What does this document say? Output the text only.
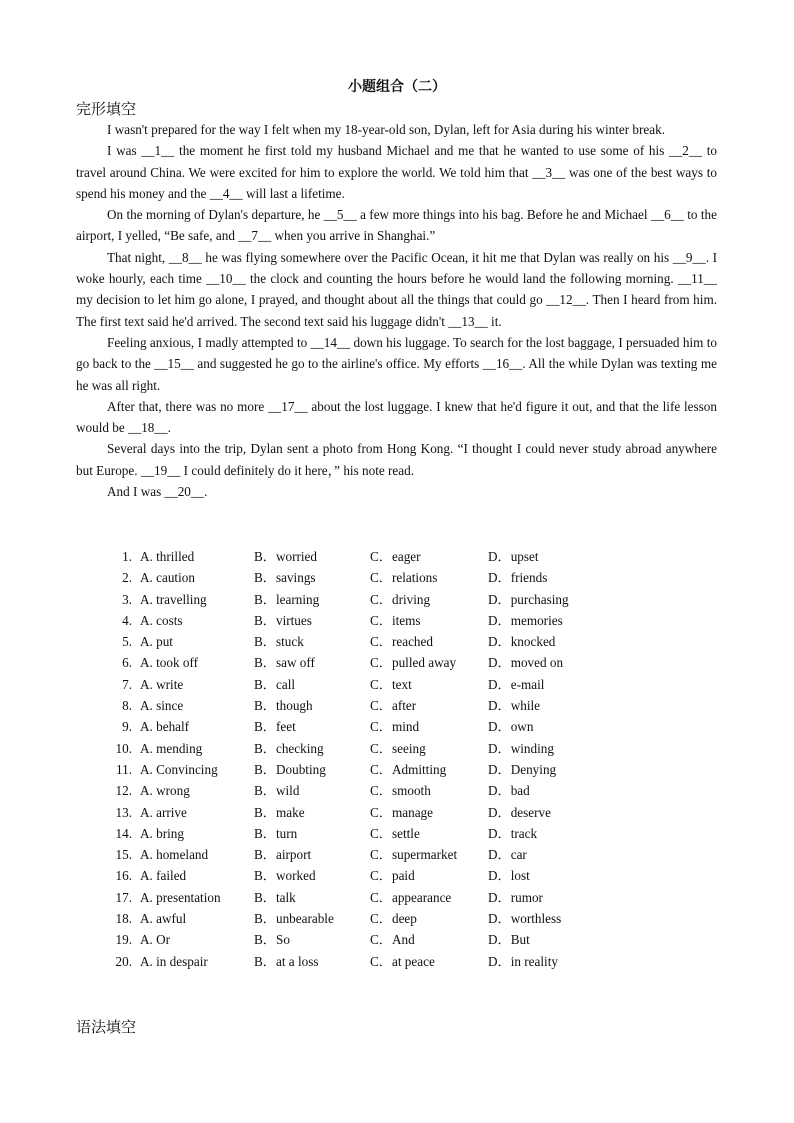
小题组合（二）
完形填空

I wasn't prepared for the way I felt when my 18-year-old son, Dylan, left for Asia during his winter break.

I was __1__ the moment he first told my husband Michael and me that he wanted to use some of his __2__ to travel around China. We were excited for him to explore the world. We told him that __3__ was one of the best ways to spend his money and the __4__ will last a lifetime.

On the morning of Dylan's departure, he __5__ a few more things into his bag. Before he and Michael __6__ to the airport, I yelled, “Be safe, and __7__ when you arrive in Shanghai.”

That night, __8__ he was flying somewhere over the Pacific Ocean, it hit me that Dylan was really on his __9__. I woke hourly, each time __10__ the clock and counting the hours before he would land the following morning. __11__ my decision to let him go alone, I prayed, and thought about all the things that could go __12__. Then I heard from him. The first text said he'd arrived. The second text said his luggage didn't __13__ it.

Feeling anxious, I madly attempted to __14__ down his luggage. To search for the lost baggage, I persuaded him to go back to the __15__ and suggested he go to the airline's office. My efforts __16__. All the while Dylan was texting me he was all right.

After that, there was no more __17__ about the lost luggage. I knew that he'd figure it out, and that the life lesson would be __18__.

Several days into the trip, Dylan sent a photo from Hong Kong. “I thought I could never study abroad anywhere but Europe. __19__ I could definitely do it here，” his note read.

And I was __20__.

1. A. thrilled	B．worried	C．eager	D．upset
2. A. caution	B．savings	C．relations	D．friends
3. A. travelling	B．learning	C．driving	D．purchasing
4. A. costs	B．virtues	C．items	D．memories
5. A. put	B．stuck	C．reached	D．knocked
6. A. took off	B．saw off	C．pulled away D．moved on
7. A. write	B．call	C．text	D．e-mail
8. A. since	B．though	C．after	D．while
9. A. behalf	B．feet	C．mind	D．own
10. A. mending	B．checking	C．seeing	D．winding
11. A. Convincing	B．Doubting	C．Admitting	D．Denying
12. A. wrong	B．wild	C．smooth	D．bad
13. A. arrive	B．make	C．manage	D．deserve
14. A. bring	B．turn	C．settle	D．track
15. A. homeland	B．airport	C．supermarket D．car
16. A. failed	B．worked	C．paid	D．lost
17. A. presentation	B．talk	C．appearance	D．rumor
18. A. awful	B．unbearable	C．deep	D．worthless
19. A. Or	B．So	C．And	D．But
20. A. in despair	B．at a loss	C．at peace	D．in reality
语法填空
